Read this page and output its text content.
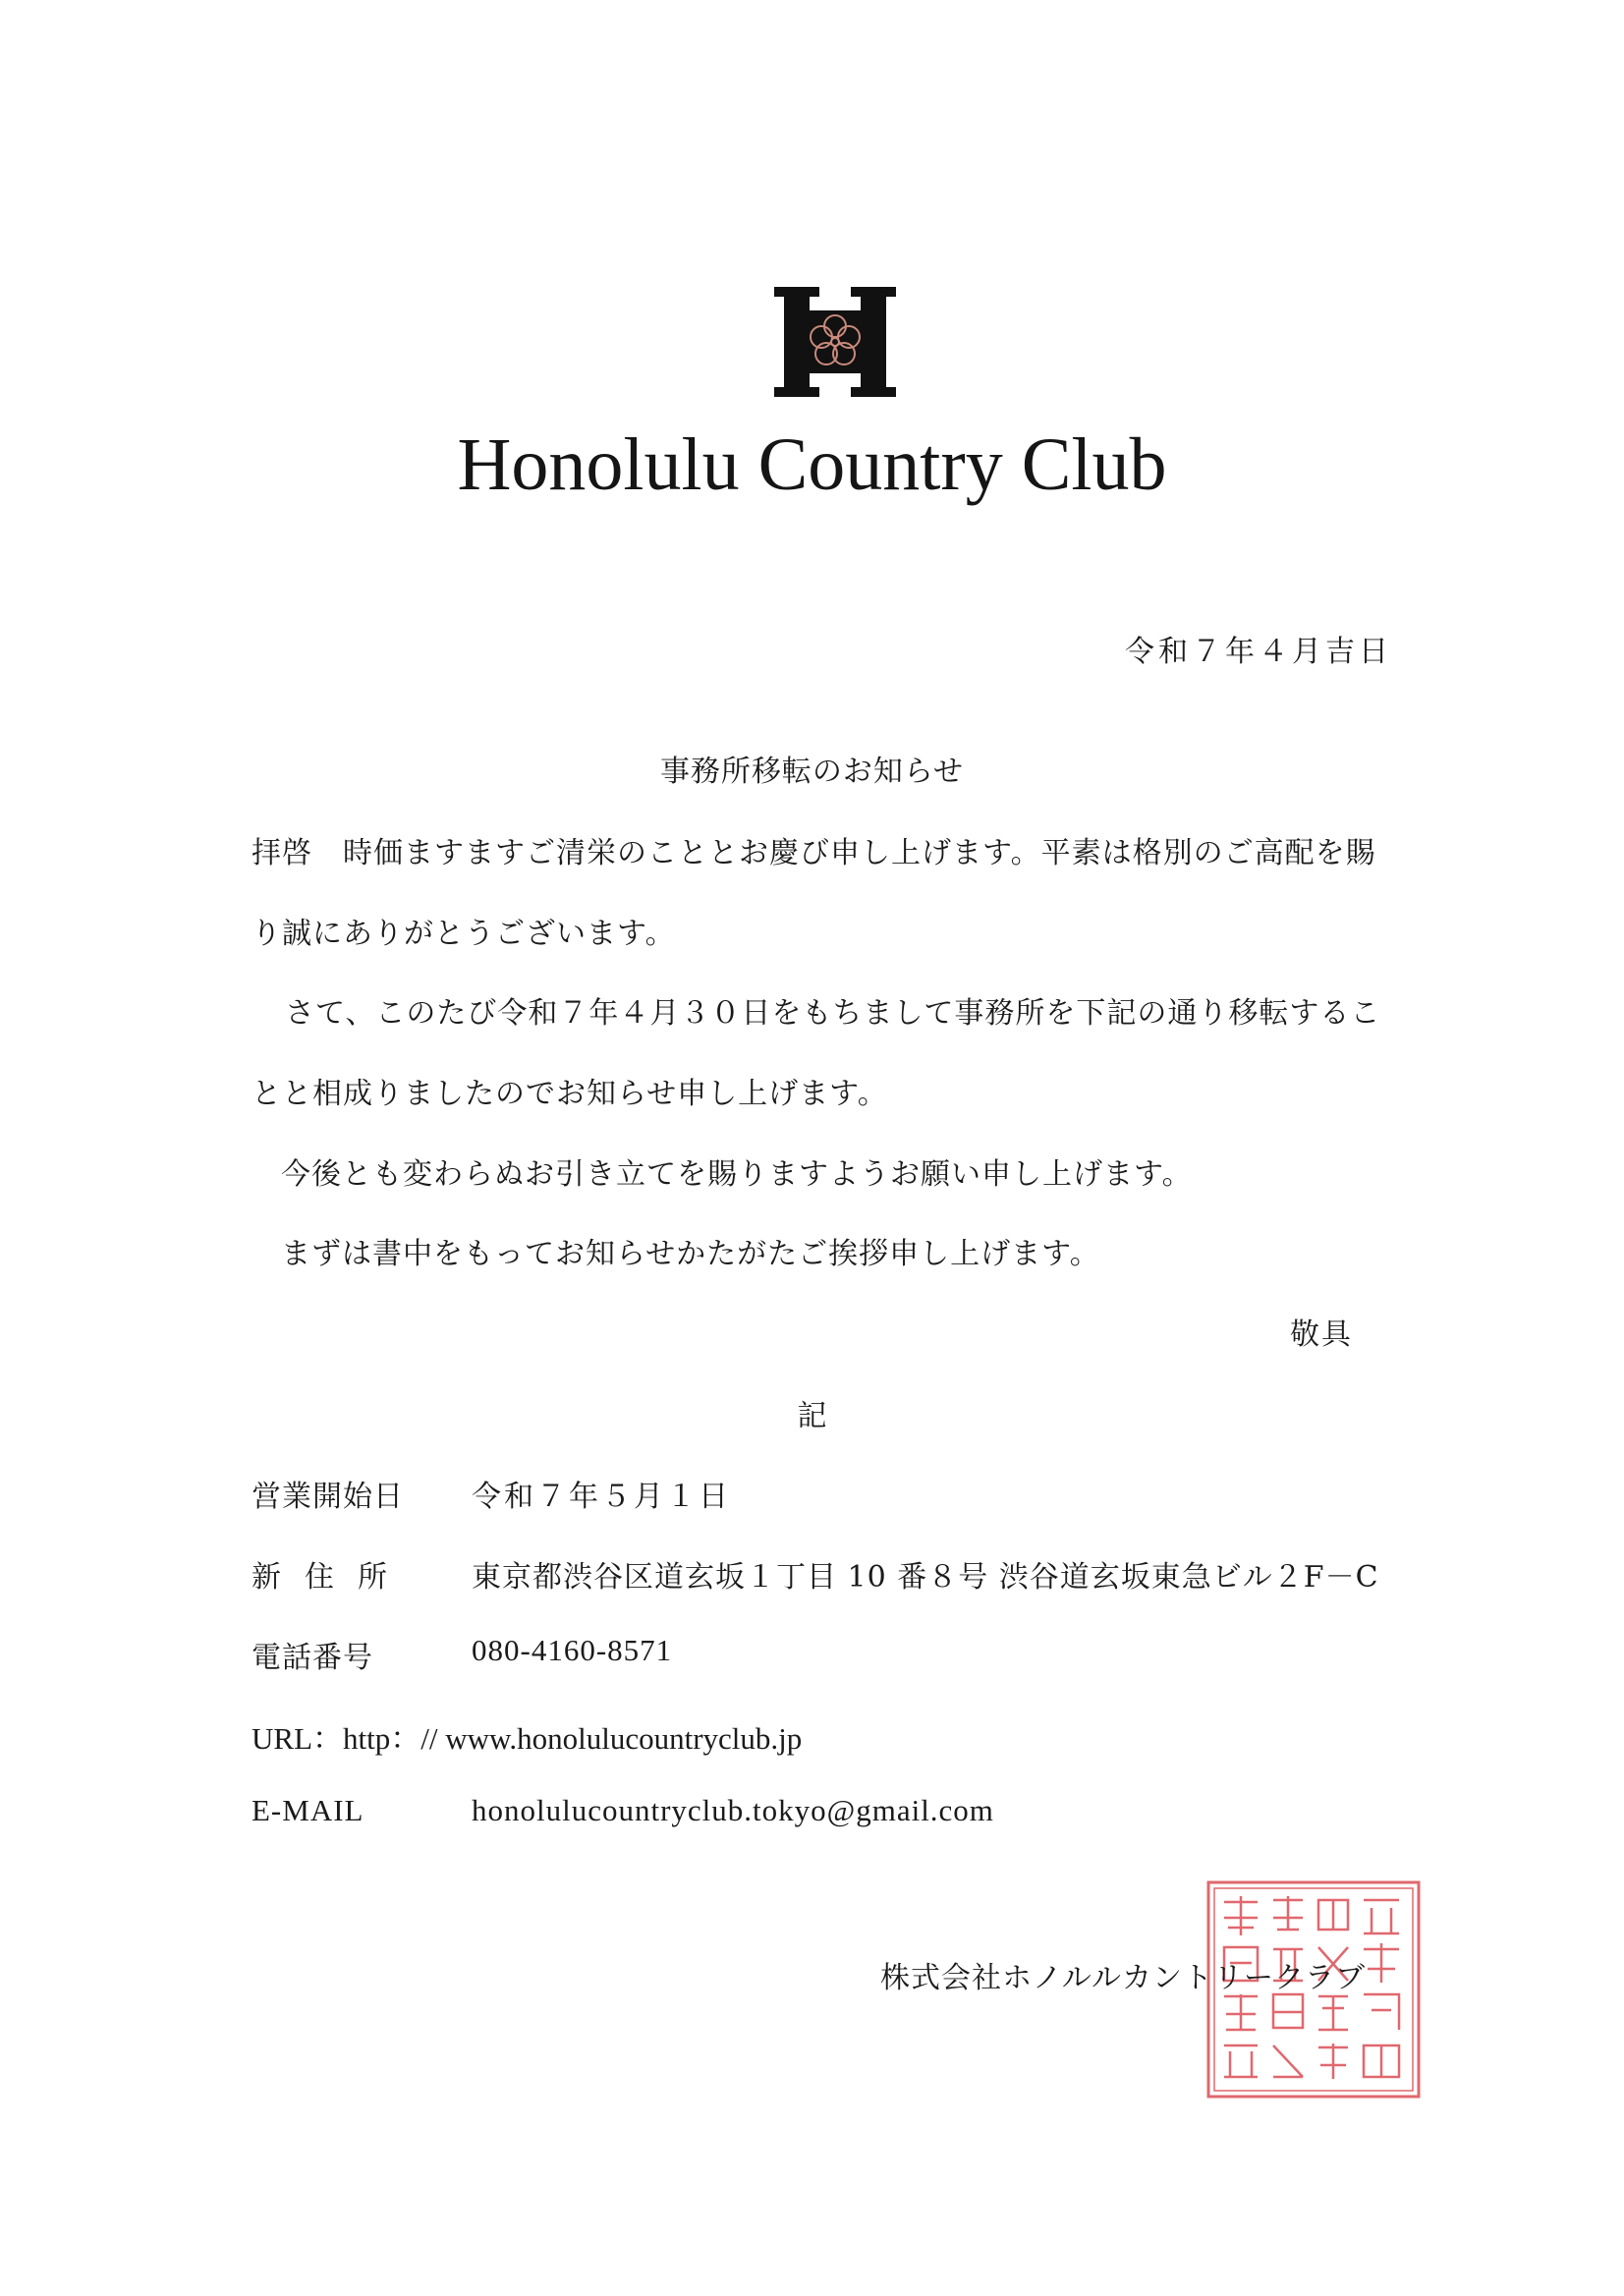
Honolulu Country Club
令和７年４月吉日
事務所移転のお知らせ
拝啓　時価ますますご清栄のこととお慶び申し上げます。平素は格別のご高配を賜
り誠にありがとうございます。
さて、このたび令和７年４月３０日をもちまして事務所を下記の通り移転するこ
とと相成りましたのでお知らせ申し上げます。
今後とも変わらぬお引き立てを賜りますようお願い申し上げます。
まずは書中をもってお知らせかたがたご挨拶申し上げます。
敬具
記
営業開始日 令和７年５月１日
新住所 東京都渋谷区道玄坂１丁目 10 番８号 渋谷道玄坂東急ビル２F－C
電話番号	080-4160-8571
URL：http：// www.honolulucountryclub.jp
E-MAIL	honolulucountryclub.tokyo@gmail.com
株式会社ホノルルカントリークラブ
